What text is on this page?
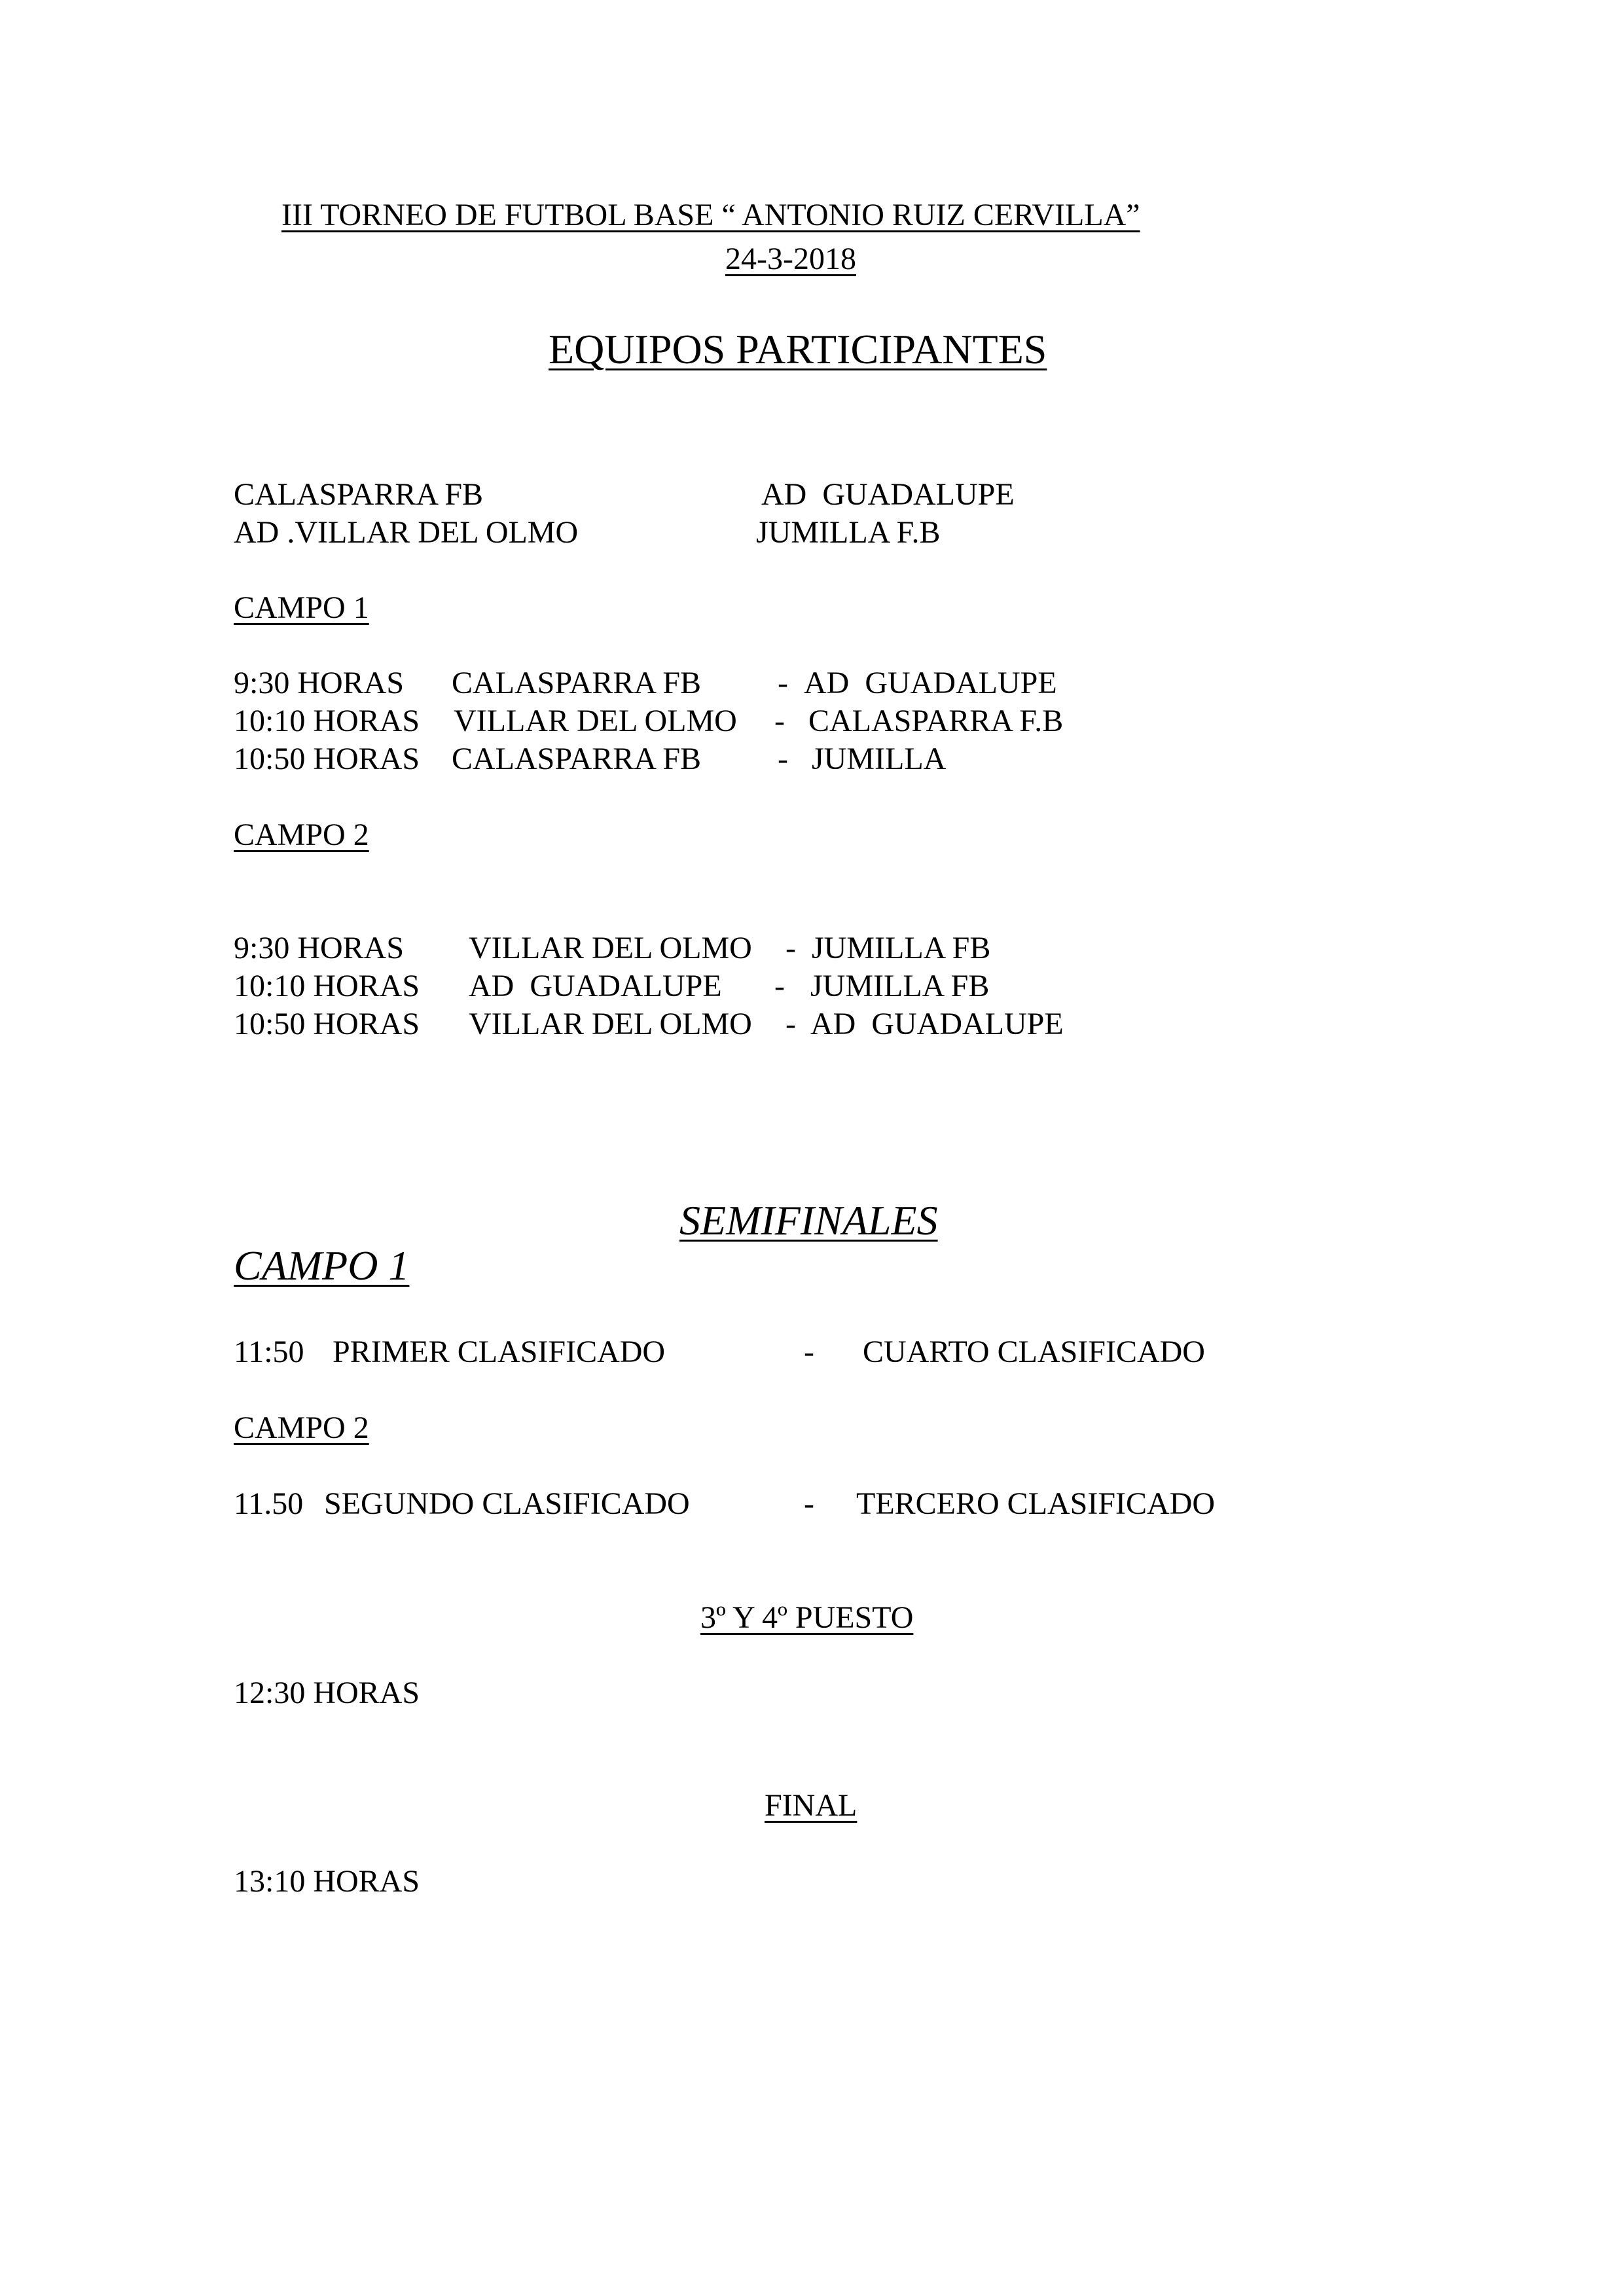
III TORNEO DE FUTBOL BASE “ ANTONIO RUIZ CERVILLA”
24-3-2018
EQUIPOS PARTICIPANTES
CALASPARRA FB	AD  GUADALUPE
AD .VILLAR DEL OLMO	JUMILLA F.B
CAMPO 1
9:30 HORAS CALASPARRA FB - AD  GUADALUPE
10:10 HORAS VILLAR DEL OLMO - CALASPARRA F.B
10:50 HORAS CALASPARRA FB - JUMILLA
CAMPO 2
9:30 HORAS VILLAR DEL OLMO - JUMILLA FB
10:10 HORAS AD  GUADALUPE - JUMILLA FB
10:50 HORAS VILLAR DEL OLMO - AD  GUADALUPE
SEMIFINALES
CAMPO 1
11:50 PRIMER CLASIFICADO	- CUARTO CLASIFICADO
CAMPO 2
11.50 SEGUNDO CLASIFICADO	- TERCERO CLASIFICADO
3º Y 4º PUESTO
12:30 HORAS
FINAL
13:10 HORAS
